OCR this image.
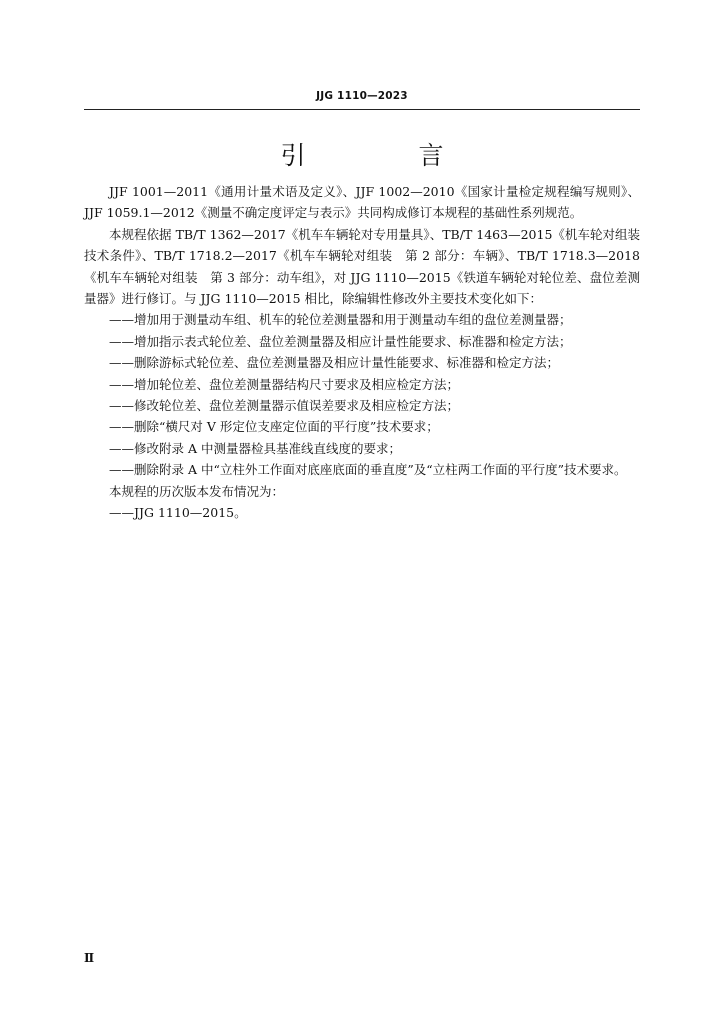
JJG 1110—2023
引　言

JJF 1001—2011《通用计量术语及定义》、JJF 1002—2010《国家计量检定规程编写规则》、JJF 1059.1—2012《测量不确定度评定与表示》共同构成修订本规程的基础性系列规范。

本规程依据 TB/T 1362—2017《机车车辆轮对专用量具》、TB/T 1463—2015《机车轮对组装技术条件》、TB/T 1718.2—2017《机车车辆轮对组装　第 2 部分：车辆》、TB/T 1718.3—2018《机车车辆轮对组装　第 3 部分：动车组》，对 JJG 1110—2015《铁道车辆轮对轮位差、盘位差测量器》进行修订。与 JJG 1110—2015 相比，除编辑性修改外主要技术变化如下：

——增加用于测量动车组、机车的轮位差测量器和用于测量动车组的盘位差测量器；

——增加指示表式轮位差、盘位差测量器及相应计量性能要求、标准器和检定方法；

——删除游标式轮位差、盘位差测量器及相应计量性能要求、标准器和检定方法；

——增加轮位差、盘位差测量器结构尺寸要求及相应检定方法；

——修改轮位差、盘位差测量器示值误差要求及相应检定方法；

——删除“横尺对 V 形定位支座定位面的平行度”技术要求；

——修改附录 A 中测量器检具基准线直线度的要求；

——删除附录 A 中“立柱外工作面对底座底面的垂直度”及“立柱两工作面的平行度”技术要求。

本规程的历次版本发布情况为：

——JJG 1110—2015。

Ⅱ
